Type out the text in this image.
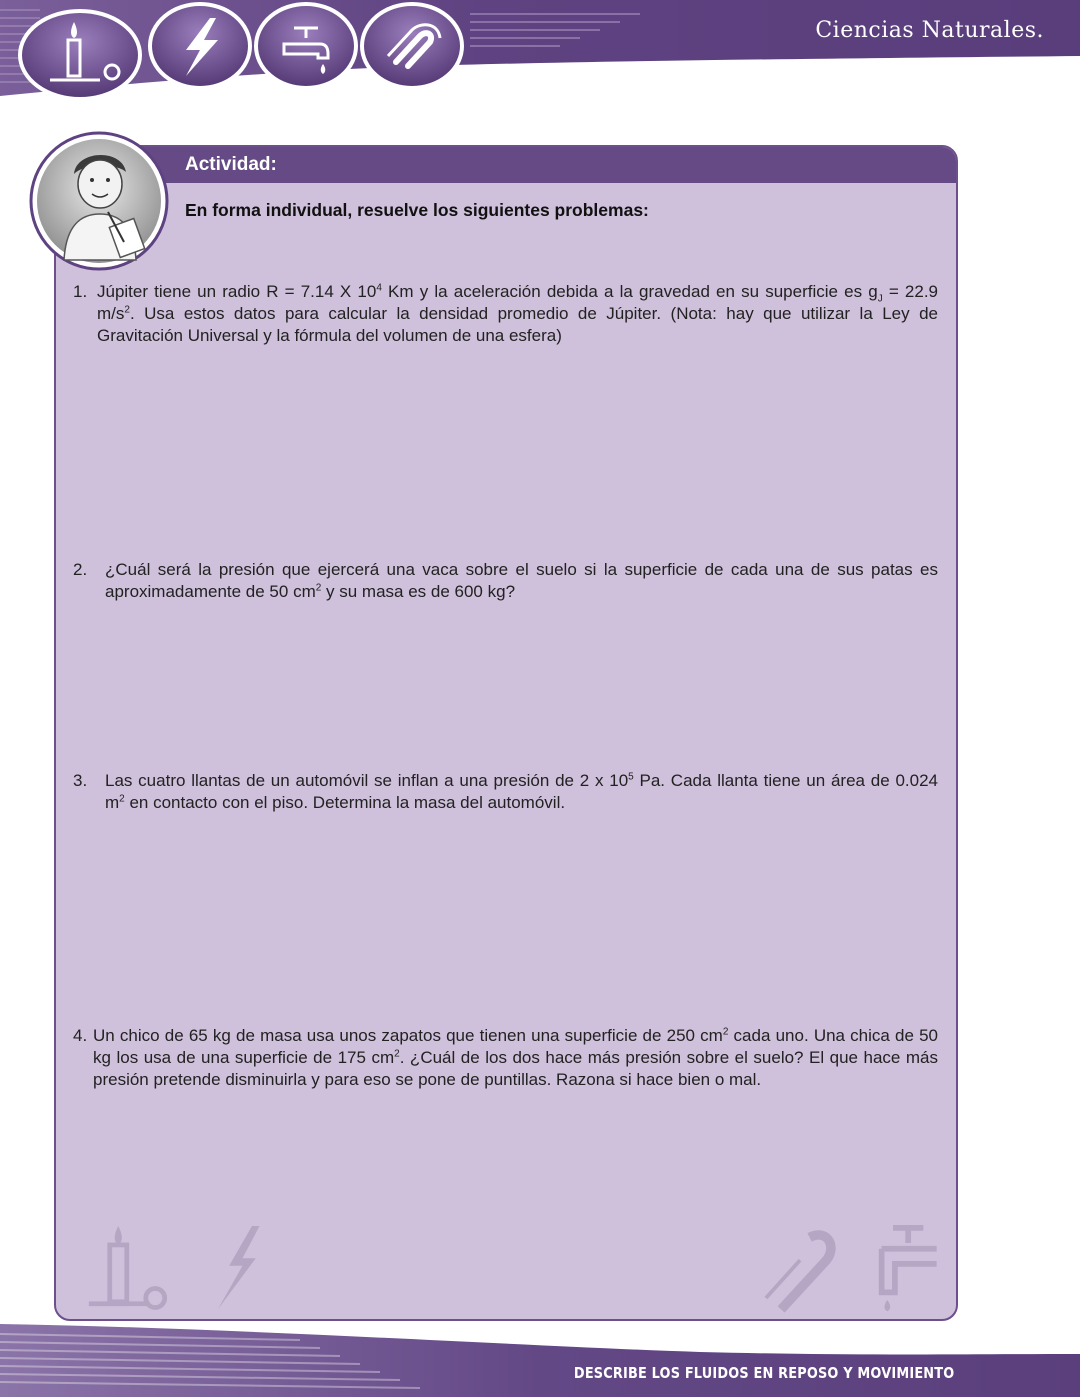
Ciencias Naturales.
Actividad:
En forma individual, resuelve los siguientes problemas:
1. Júpiter tiene un radio R = 7.14 X $10^4$ Km y la aceleración debida a la gravedad en su superficie es $g_J = 22.9$ $m/s^2$. Usa estos datos para calcular la densidad promedio de Júpiter. (Nota: hay que utilizar la Ley de Gravitación Universal y la fórmula del volumen de una esfera)
2.	¿Cuál será la presión que ejercerá una vaca sobre el suelo si la superficie de cada una de sus patas es aproximadamente de 50 $cm^2$ y su masa es de 600 kg?
3.	Las cuatro llantas de un automóvil se inflan a una presión de 2 x $10^5$ Pa. Cada llanta tiene un área de 0.024 $m^2$ en contacto con el piso. Determina la masa del automóvil.
4. Un chico de 65 kg de masa usa unos zapatos que tienen una superficie de 250 $cm^2$ cada uno. Una chica de 50 kg los usa de una superficie de 175 $cm^2$. ¿Cuál de los dos hace más presión sobre el suelo? El que hace más presión pretende disminuirla y para eso se pone de puntillas. Razona si hace bien o mal.
DESCRIBE LOS FLUIDOS EN REPOSO Y MOVIMIENTO
